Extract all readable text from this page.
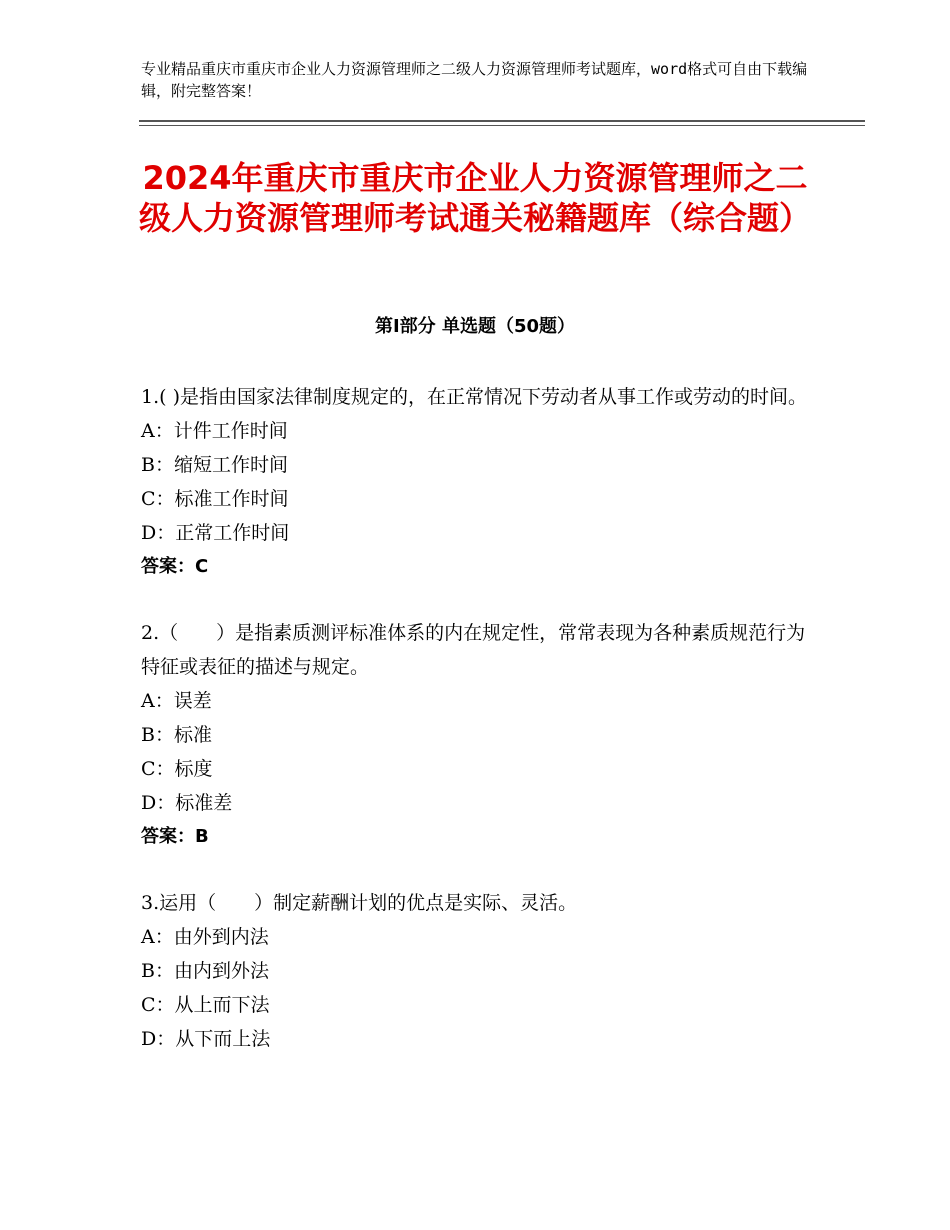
专业精品重庆市重庆市企业人力资源管理师之二级人力资源管理师考试题库，word格式可自由下载编辑，附完整答案！
2024年重庆市重庆市企业人力资源管理师之二级人力资源管理师考试通关秘籍题库（综合题）
第Ⅰ部分 单选题（50题）

1.( )是指由国家法律制度规定的，在正常情况下劳动者从事工作或劳动的时间。

A：计件工作时间

B：缩短工作时间

C：标准工作时间

D：正常工作时间

答案：C

2.（　　）是指素质测评标准体系的内在规定性，常常表现为各种素质规范行为特征或表征的描述与规定。

A：误差

B：标准

C：标度

D：标准差

答案：B

3.运用（　　）制定薪酬计划的优点是实际、灵活。

A：由外到内法

B：由内到外法

C：从上而下法

D：从下而上法
